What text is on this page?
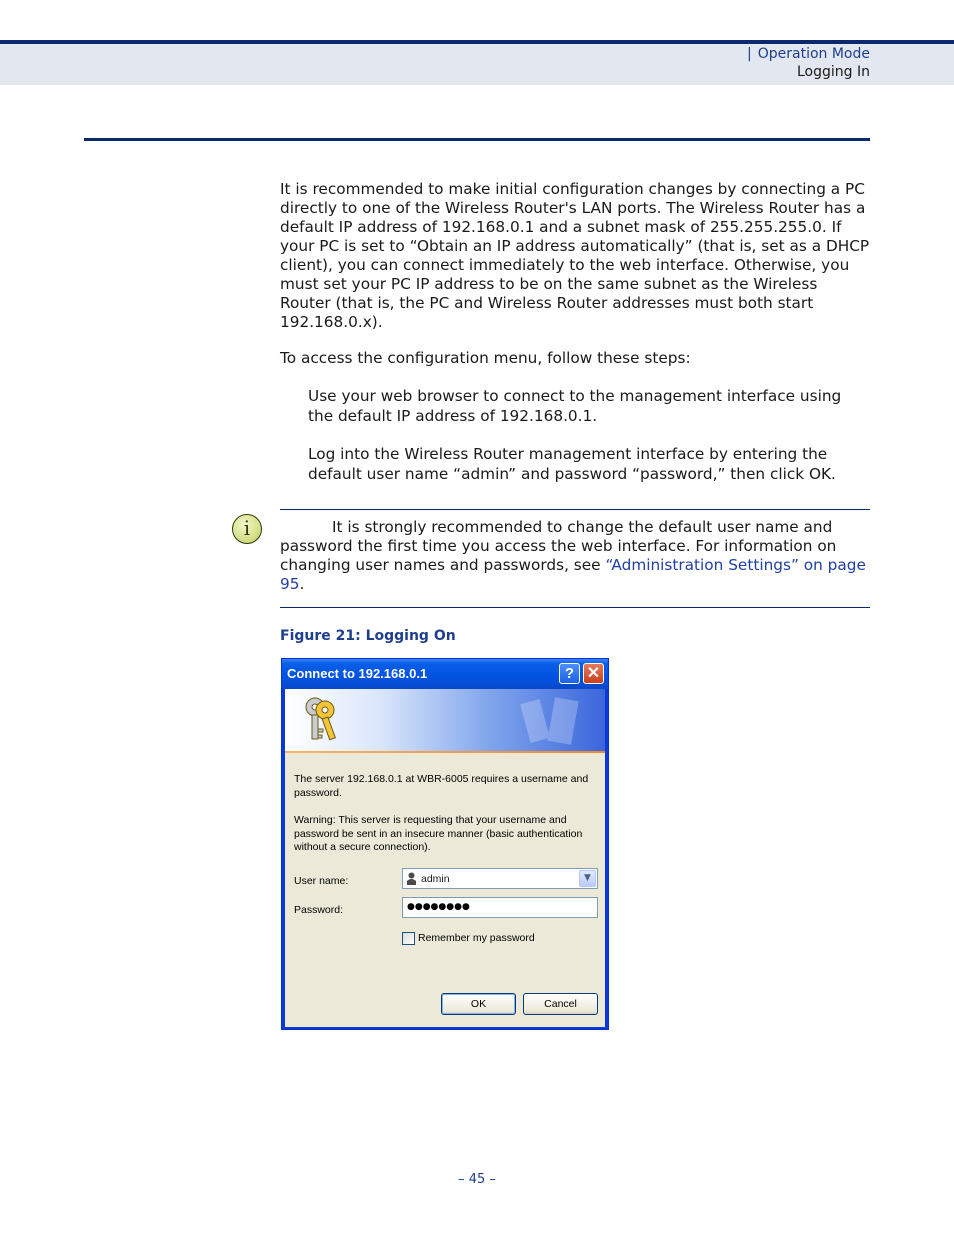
| Operation Mode
Logging In

It is recommended to make initial configuration changes by connecting a PC directly to one of the Wireless Router's LAN ports. The Wireless Router has a default IP address of 192.168.0.1 and a subnet mask of 255.255.255.0. If your PC is set to “Obtain an IP address automatically” (that is, set as a DHCP client), you can connect immediately to the web interface. Otherwise, you must set your PC IP address to be on the same subnet as the Wireless Router (that is, the PC and Wireless Router addresses must both start 192.168.0.x).

To access the configuration menu, follow these steps:

Use your web browser to connect to the management interface using the default IP address of 192.168.0.1.

Log into the Wireless Router management interface by entering the default user name “admin” and password “password,” then click OK.

i	It is strongly recommended to change the default user name and password the first time you access the web interface. For information on changing user names and passwords, see “Administration Settings” on page 95.

Figure 21: Logging On

Connect to 192.168.0.1	? ✕

The server 192.168.0.1 at WBR-6005 requires a username and password.

Warning: This server is requesting that your username and password be sent in an insecure manner (basic authentication without a secure connection).

User name:	admin	▼
Password:	●●●●●●●●
Remember my password
OK	Cancel
– 45 –
